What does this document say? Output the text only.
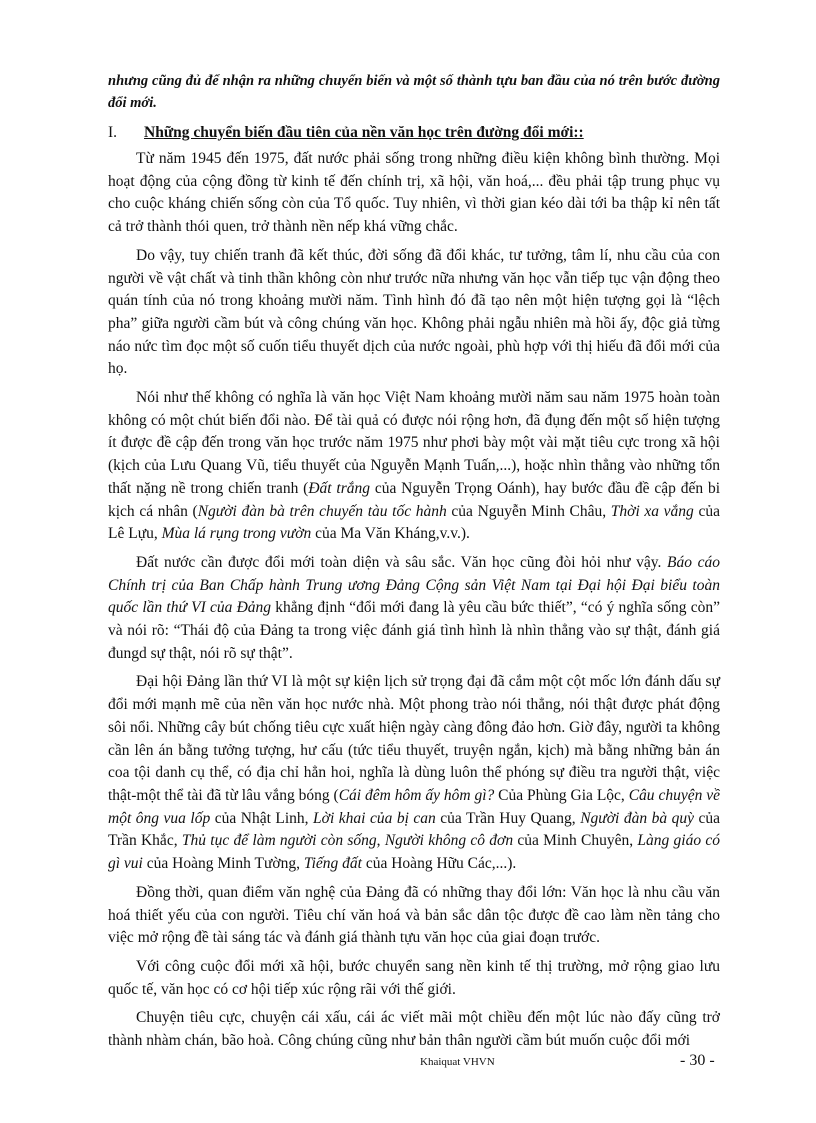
nhưng cũng đủ để nhận ra những chuyển biến và một số thành tựu ban đầu của nó trên bước đường đổi mới.

I.	Những chuyển biến đầu tiên của nền văn học trên đường đổi mới::

Từ năm 1945 đến 1975, đất nước phải sống trong những điều kiện không bình thường. Mọi hoạt động của cộng đồng từ kinh tế đến chính trị, xã hội, văn hoá,... đều phải tập trung phục vụ cho cuộc kháng chiến sống còn của Tổ quốc. Tuy nhiên, vì thời gian kéo dài tới ba thập kỉ nên tất cả trở thành thói quen, trở thành nền nếp khá vững chắc.

Do vậy, tuy chiến tranh đã kết thúc, đời sống đã đổi khác, tư tưởng, tâm lí, nhu cầu của con người về vật chất và tinh thần không còn như trước nữa nhưng văn học vẫn tiếp tục vận động theo quán tính của nó trong khoảng mười năm. Tình hình đó đã tạo nên một hiện tượng gọi là “lệch pha” giữa người cầm bút và công chúng văn học. Không phải ngẫu nhiên mà hồi ấy, độc giả từng náo nức tìm đọc một số cuốn tiểu thuyết dịch của nước ngoài, phù hợp với thị hiếu đã đổi mới của họ.

Nói như thế không có nghĩa là văn học Việt Nam khoảng mười năm sau năm 1975 hoàn toàn không có một chút biến đổi nào. Để tài quả có được nói rộng hơn, đã đụng đến một số hiện tượng ít được đề cập đến trong văn học trước năm 1975 như phơi bày một vài mặt tiêu cực trong xã hội (kịch của Lưu Quang Vũ, tiểu thuyết của Nguyễn Mạnh Tuấn,...), hoặc nhìn thẳng vào những tổn thất nặng nề trong chiến tranh (Đất trắng của Nguyễn Trọng Oánh), hay bước đầu đề cập đến bi kịch cá nhân (Người đàn bà trên chuyến tàu tốc hành của Nguyễn Minh Châu, Thời xa vắng của Lê Lựu, Mùa lá rụng trong vườn của Ma Văn Kháng,v.v.).

Đất nước cần được đổi mới toàn diện và sâu sắc. Văn học cũng đòi hỏi như vậy. Báo cáo Chính trị của Ban Chấp hành Trung ương Đảng Cộng sản Việt Nam tại Đại hội Đại biểu toàn quốc lần thứ VI của Đảng khẳng định “đổi mới đang là yêu cầu bức thiết”, “có ý nghĩa sống còn” và nói rõ: “Thái độ của Đảng ta trong việc đánh giá tình hình là nhìn thẳng vào sự thật, đánh giá đungd sự thật, nói rõ sự thật”.

Đại hội Đảng lần thứ VI là một sự kiện lịch sử trọng đại đã cắm một cột mốc lớn đánh dấu sự đổi mới mạnh mẽ của nền văn học nước nhà. Một phong trào nói thẳng, nói thật được phát động sôi nổi. Những cây bút chống tiêu cực xuất hiện ngày càng đông đảo hơn. Giờ đây, người ta không cần lên án bằng tưởng tượng, hư cấu (tức tiểu thuyết, truyện ngắn, kịch) mà bằng những bản án coa tội danh cụ thể, có địa chỉ hẳn hoi, nghĩa là dùng luôn thể phóng sự điều tra người thật, việc thật-một thể tài đã từ lâu vắng bóng (Cái đêm hôm ấy hôm gì? Của Phùng Gia Lộc, Câu chuyện về một ông vua lốp của Nhật Linh, Lời khai của bị can của Trần Huy Quang, Người đàn bà quỳ của Trần Khắc, Thủ tục để làm người còn sống, Người không cô đơn của Minh Chuyên, Làng giáo có gì vui của Hoàng Minh Tường, Tiếng đất của Hoàng Hữu Các,...).

Đồng thời, quan điểm văn nghệ của Đảng đã có những thay đổi lớn: Văn học là nhu cầu văn hoá thiết yếu của con người. Tiêu chí văn hoá và bản sắc dân tộc được đề cao làm nền tảng cho việc mở rộng đề tài sáng tác và đánh giá thành tựu văn học của giai đoạn trước.

Với công cuộc đổi mới xã hội, bước chuyển sang nền kinh tế thị trường, mở rộng giao lưu quốc tế, văn học có cơ hội tiếp xúc rộng rãi với thế giới.

Chuyện tiêu cực, chuyện cái xấu, cái ác viết mãi một chiều đến một lúc nào đấy cũng trở thành nhàm chán, bão hoà. Công chúng cũng như bản thân người cầm bút muốn cuộc đổi mới

Khaiquat VHVN	- 30 -
